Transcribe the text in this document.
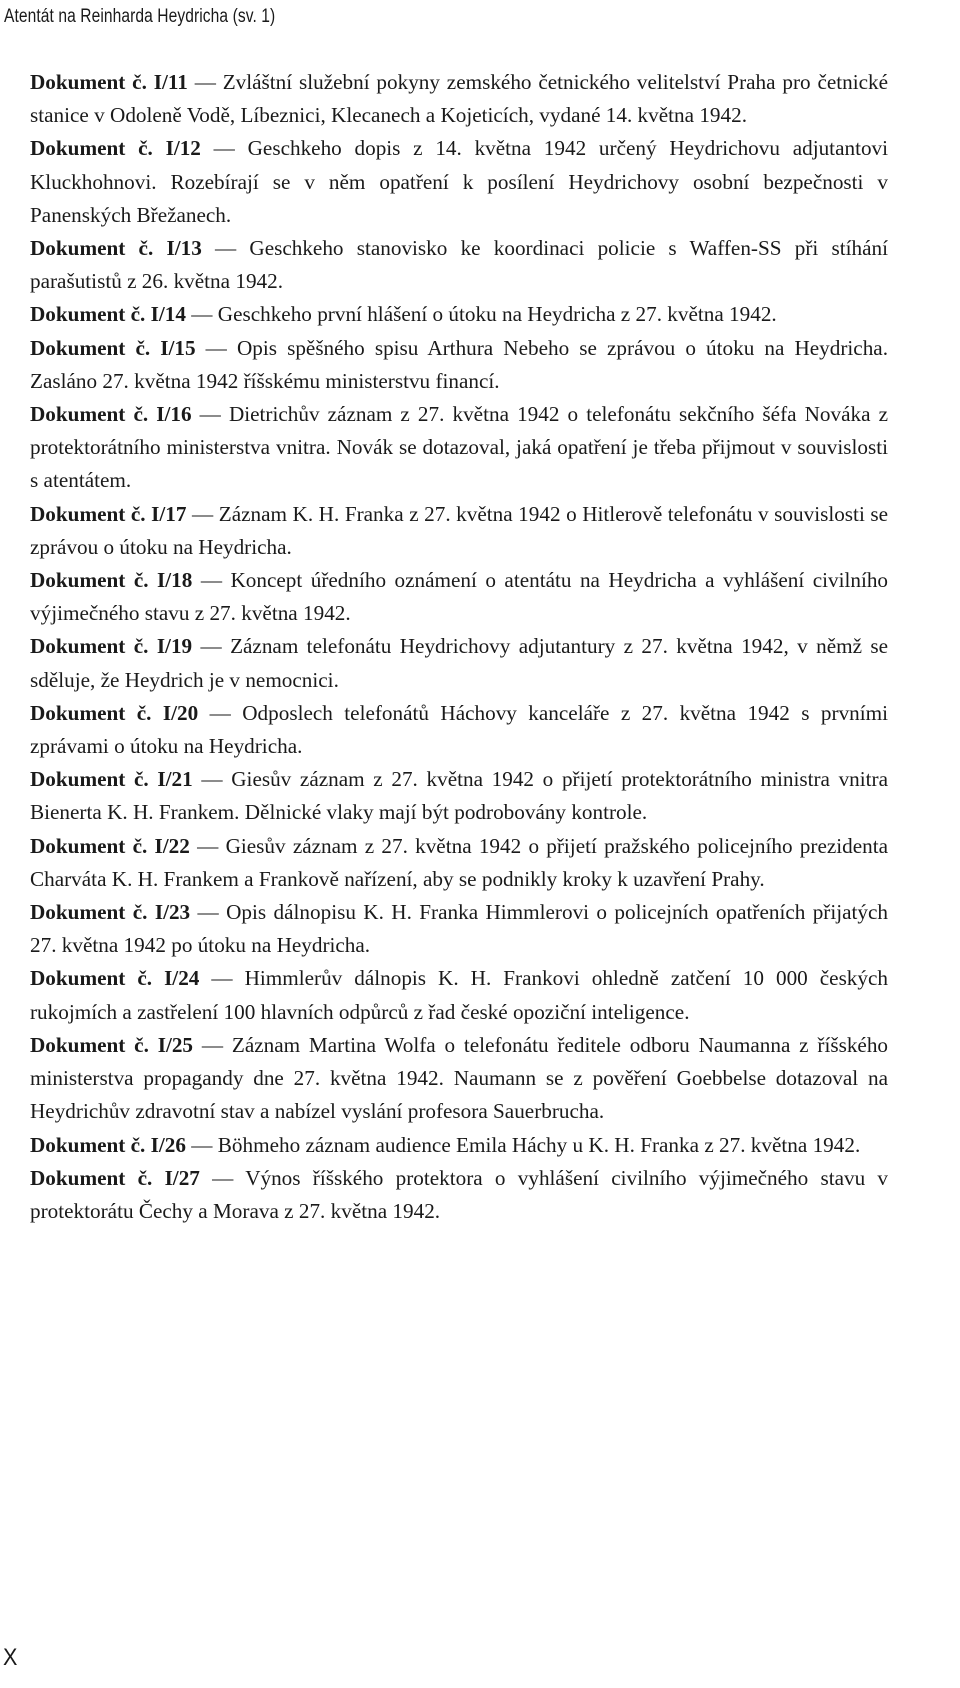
Atentát na Reinharda Heydricha (sv. 1)

Dokument č. I/11 — Zvláštní služební pokyny zemského četnického velitelství Praha pro četnické stanice v Odoleně Vodě, Líbeznici, Klecanech a Kojeticích, vydané 14. května 1942.

Dokument č. I/12 — Geschkeho dopis z 14. května 1942 určený Heydrichovu adjutantovi Kluckhohnovi. Rozebírají se v něm opatření k posílení Heydrichovy osobní bezpečnosti v Panenských Břežanech.

Dokument č. I/13 — Geschkeho stanovisko ke koordinaci policie s Waffen-SS při stíhání parašutistů z 26. května 1942.

Dokument č. I/14 — Geschkeho první hlášení o útoku na Heydricha z 27. května 1942.

Dokument č. I/15 — Opis spěšného spisu Arthura Nebeho se zprávou o útoku na Heydricha. Zasláno 27. května 1942 říšskému ministerstvu financí.

Dokument č. I/16 — Dietrichův záznam z 27. května 1942 o telefonátu sekčního šéfa Nováka z protektorátního ministerstva vnitra. Novák se dotazoval, jaká opatření je třeba přijmout v souvislosti s atentátem.

Dokument č. I/17 — Záznam K. H. Franka z 27. května 1942 o Hitlerově telefonátu v souvislosti se zprávou o útoku na Heydricha.

Dokument č. I/18 — Koncept úředního oznámení o atentátu na Heydricha a vyhlášení civilního výjimečného stavu z 27. května 1942.

Dokument č. I/19 — Záznam telefonátu Heydrichovy adjutantury z 27. května 1942, v němž se sděluje, že Heydrich je v nemocnici.

Dokument č. I/20 — Odposlech telefonátů Háchovy kanceláře z 27. května 1942 s prvními zprávami o útoku na Heydricha.

Dokument č. I/21 — Giesův záznam z 27. května 1942 o přijetí protektorátního ministra vnitra Bienerta K. H. Frankem. Dělnické vlaky mají být podrobovány kontrole.

Dokument č. I/22 — Giesův záznam z 27. května 1942 o přijetí pražského policejního prezidenta Charváta K. H. Frankem a Frankově nařízení, aby se podnikly kroky k uzavření Prahy.

Dokument č. I/23 — Opis dálnopisu K. H. Franka Himmlerovi o policejních opatřeních přijatých 27. května 1942 po útoku na Heydricha.

Dokument č. I/24 — Himmlerův dálnopis K. H. Frankovi ohledně zatčení 10 000 českých rukojmích a zastřelení 100 hlavních odpůrců z řad české opoziční inteligence.

Dokument č. I/25 — Záznam Martina Wolfa o telefonátu ředitele odboru Naumanna z říšského ministerstva propagandy dne 27. května 1942. Naumann se z pověření Goebbelse dotazoval na Heydrichův zdravotní stav a nabízel vyslání profesora Sauerbrucha.

Dokument č. I/26 — Böhmeho záznam audience Emila Háchy u K. H. Franka z 27. května 1942.

Dokument č. I/27 — Výnos říšského protektora o vyhlášení civilního výjimečného stavu v protektorátu Čechy a Morava z 27. května 1942.

X
